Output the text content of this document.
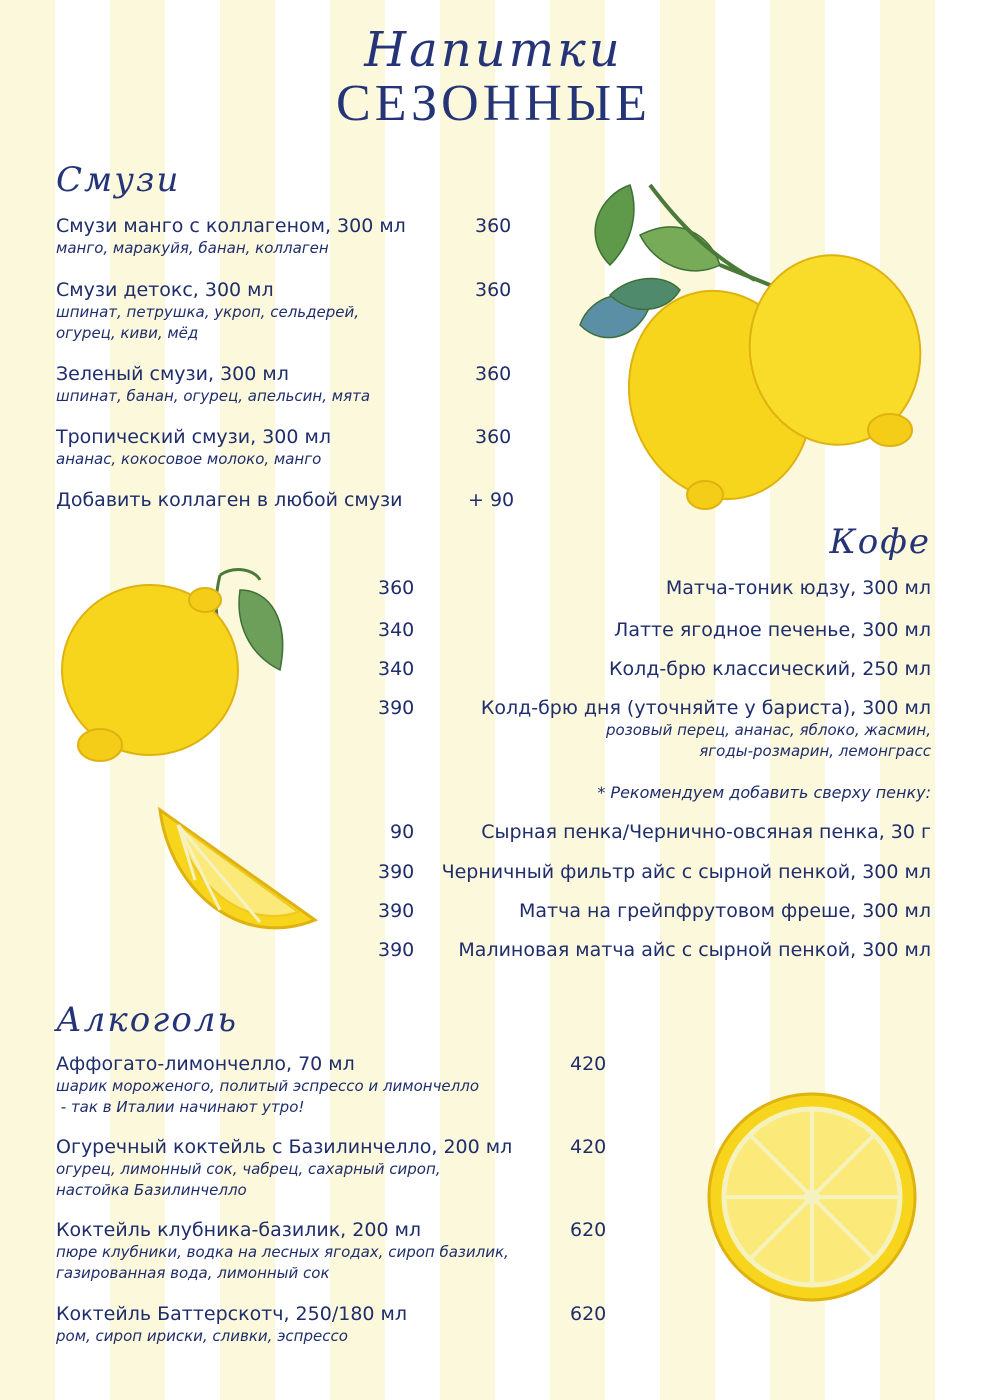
Напитки
СЕЗОННЫЕ
Смузи
Смузи манго с коллагеном, 300 мл
манго, маракуйя, банан, коллаген
360
Смузи детокс, 300 мл
шпинат, петрушка, укроп, сельдерей,
огурец, киви, мёд
360
Зеленый смузи, 300 мл
шпинат, банан, огурец, апельсин, мята
360
Тропический смузи, 300 мл
ананас, кокосовое молоко, манго
360
Добавить коллаген в любой смузи	+ 90
Кофе
360	Матча-тоник юдзу, 300 мл
340	Латте ягодное печенье, 300 мл
340	Колд-брю классический, 250 мл
390	Колд-брю дня (уточняйте у бариста), 300 мл
розовый перец, ананас, яблоко, жасмин,
ягоды-розмарин, лемонграсс
* Рекомендуем добавить сверху пенку:
90	Сырная пенка/Чернично-овсяная пенка, 30 г
390 Черничный фильтр айс с сырной пенкой, 300 мл
390	Матча на грейпфрутовом фреше, 300 мл
390 Малиновая матча айс с сырной пенкой, 300 мл
Алкоголь
Аффогато-лимончелло, 70 мл
шарик мороженого, политый эспрессо и лимончелло
- так в Италии начинают утро!
420
Огуречный коктейль с Базилинчелло, 200 мл
огурец, лимонный сок, чабрец, сахарный сироп,
настойка Базилинчелло
420
Коктейль клубника-базилик, 200 мл
пюре клубники, водка на лесных ягодах, сироп базилик,
газированная вода, лимонный сок
620
Коктейль Баттерскотч, 250/180 мл
ром, сироп ириски, сливки, эспрессо
620
